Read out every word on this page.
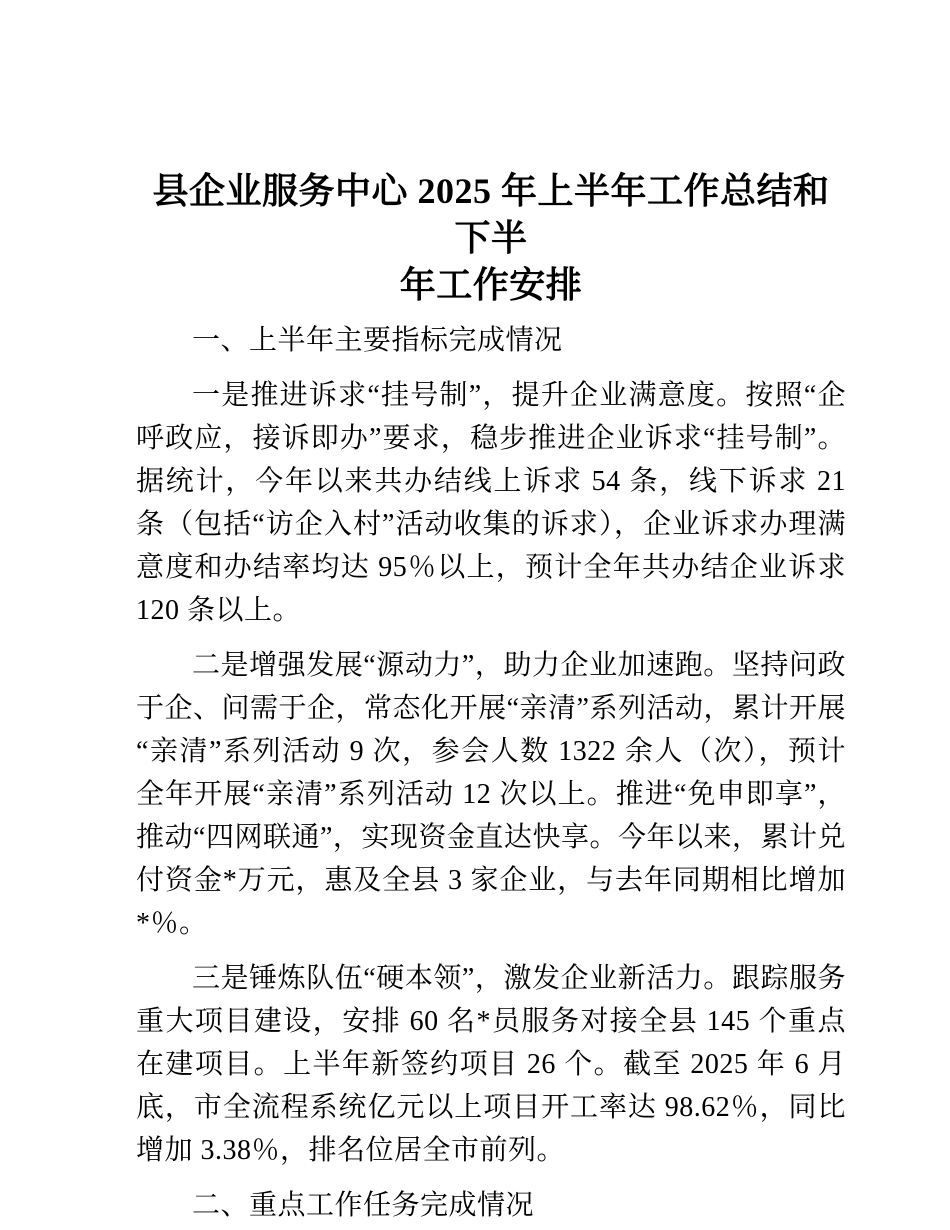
县企业服务中心 2025 年上半年工作总结和下半
年工作安排
一、上半年主要指标完成情况

一是推进诉求“挂号制”，提升企业满意度。按照“企呼政应，接诉即办”要求，稳步推进企业诉求“挂号制”。据统计，今年以来共办结线上诉求 54 条，线下诉求 21 条（包括“访企入村”活动收集的诉求），企业诉求办理满意度和办结率均达 95％以上，预计全年共办结企业诉求 120 条以上。

二是增强发展“源动力”，助力企业加速跑。坚持问政于企、问需于企，常态化开展“亲清”系列活动，累计开展“亲清”系列活动 9 次，参会人数 1322 余人（次），预计全年开展“亲清”系列活动 12 次以上。推进“免申即享”，推动“四网联通”，实现资金直达快享。今年以来，累计兑付资金*万元，惠及全县 3 家企业，与去年同期相比增加*％。

三是锤炼队伍“硬本领”，激发企业新活力。跟踪服务重大项目建设，安排 60 名*员服务对接全县 145 个重点在建项目。上半年新签约项目 26 个。截至 2025 年 6 月底，市全流程系统亿元以上项目开工率达 98.62％，同比增加 3.38％，排名位居全市前列。

二、重点工作任务完成情况
